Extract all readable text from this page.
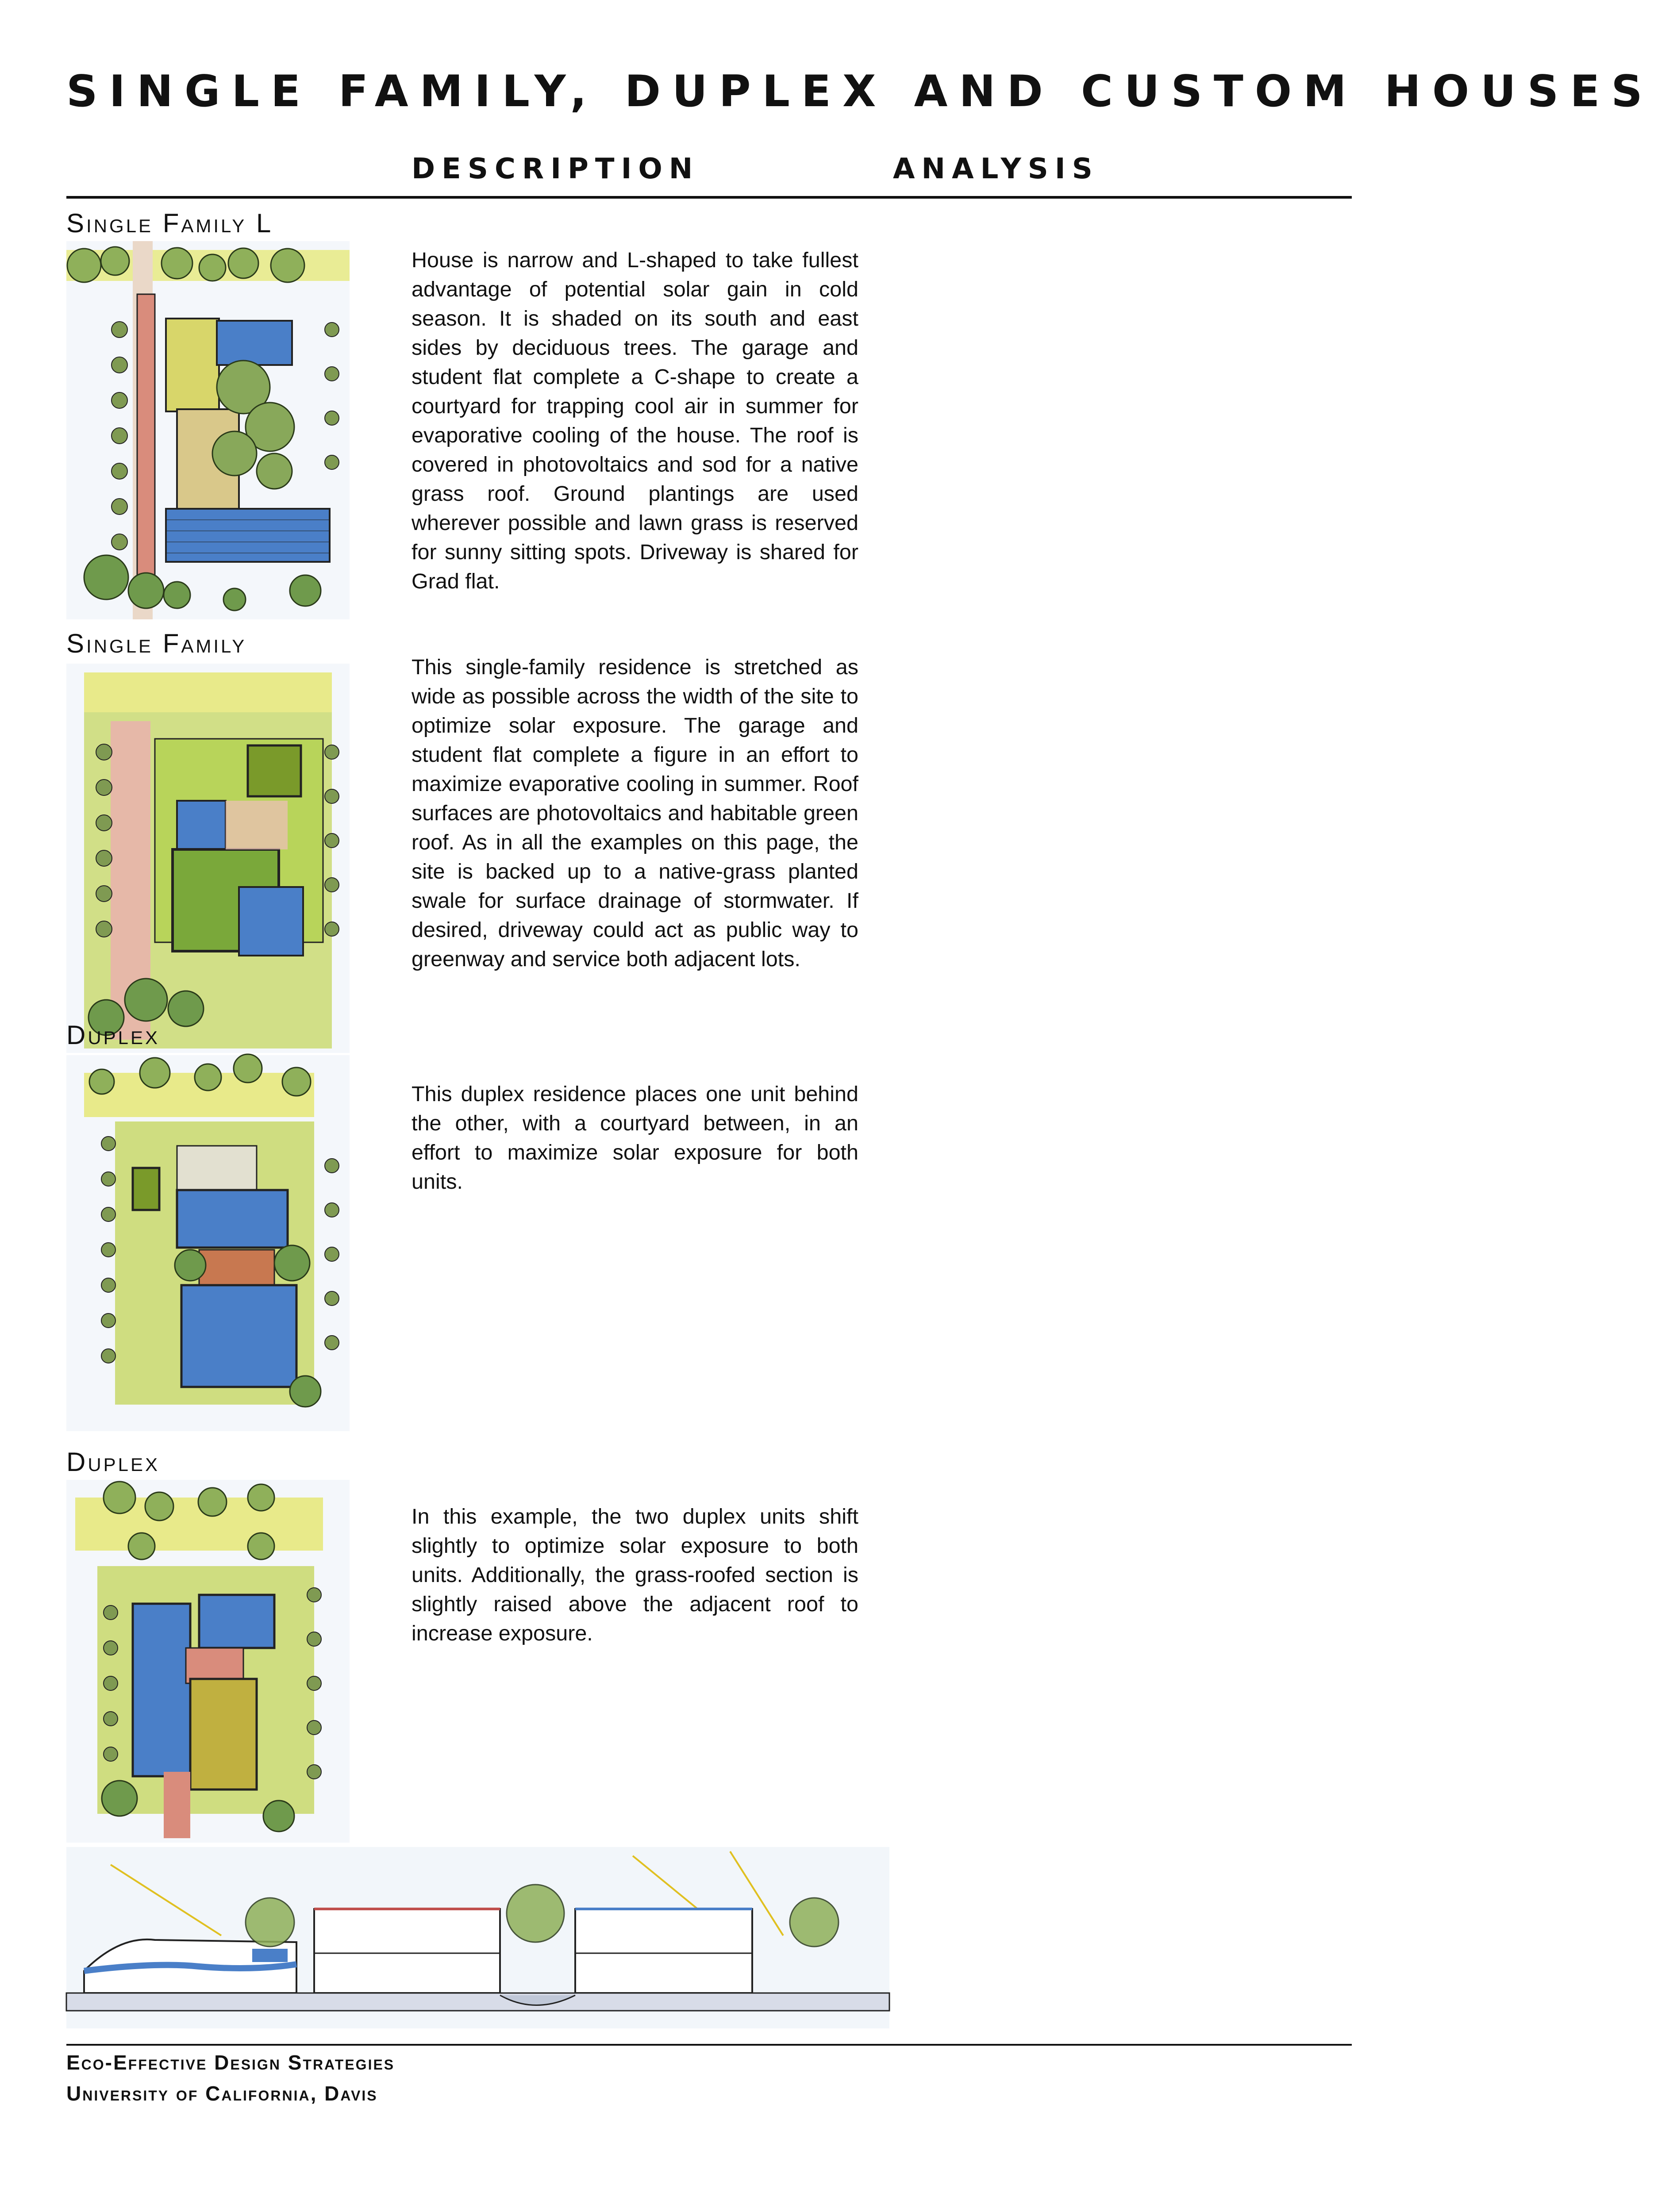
SINGLE FAMILY, DUPLEX AND CUSTOM HOUSES
DESCRIPTION	ANALYSIS
Single Family L

House is narrow and L-shaped to take fullest advantage of potential solar gain in cold season. It is shaded on its south and east sides by deciduous trees. The garage and student flat complete a C-shape to create a courtyard for trapping cool air in summer for evaporative cooling of the house. The roof is covered in photovoltaics and sod for a native grass roof. Ground plantings are used wherever possible and lawn grass is reserved for sunny sitting spots. Driveway is shared for Grad flat.

Single Family

This single-family residence is stretched as wide as possible across the width of the site to optimize solar exposure. The garage and student flat complete a figure in an effort to maximize evaporative cooling in summer. Roof surfaces are photovoltaics and habitable green roof. As in all the examples on this page, the site is backed up to a native-grass planted swale for surface drainage of stormwater. If desired, driveway could act as public way to greenway and service both adjacent lots.

Duplex

This duplex residence places one unit behind the other, with a courtyard between, in an effort to maximize solar exposure for both units.

Duplex

In this example, the two duplex units shift slightly to optimize solar exposure to both units. Additionally, the grass-roofed section is slightly raised above the adjacent roof to increase exposure.

Eco-Effective Design Strategies

University of California, Davis
